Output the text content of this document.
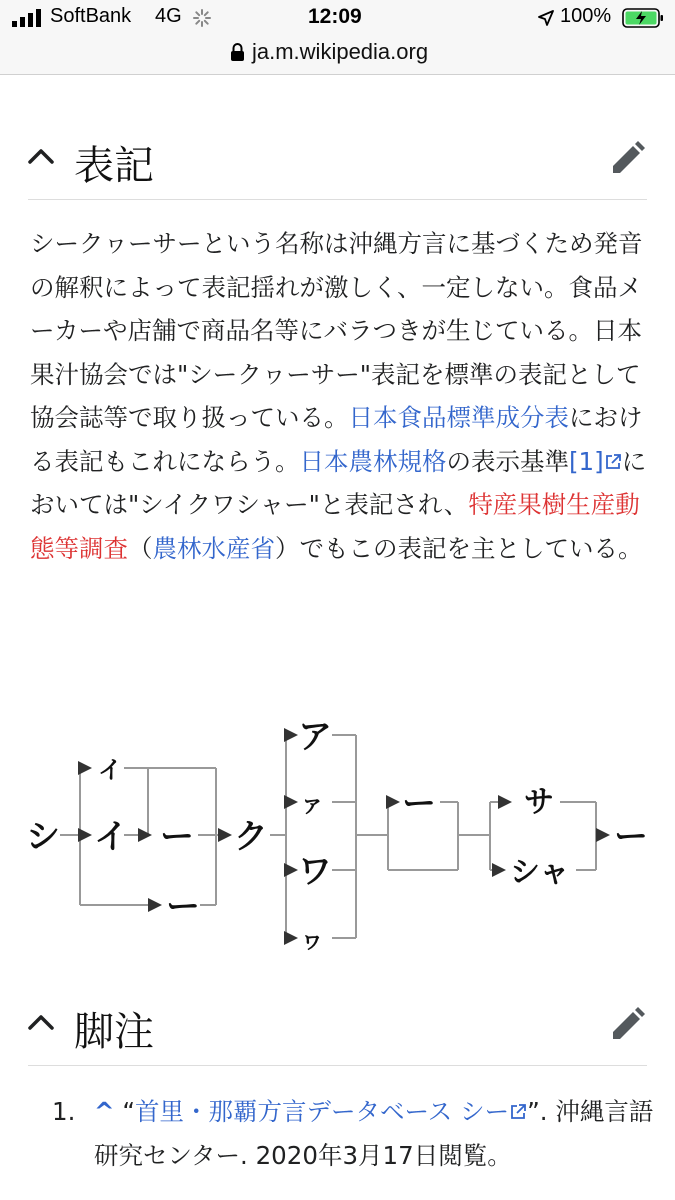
SoftBank 4G	12:09	100%
ja.m.wikipedia.org
表記
シークヮーサーという名称は沖縄方言に基づくため発音の解釈によって表記揺れが激しく、一定しない。食品メーカーや店舗で商品名等にバラつきが生じている。日本果汁協会では"シークヮーサー"表記を標準の表記として協会誌等で取り扱っている。日本食品標準成分表における表記もこれにならう。日本農林規格の表示基準[1] においては"シイクワシャー"と表記され、特産果樹生産動態等調査（農林水産省）でもこの表記を主としている。
シ
イ
イ ー
ー
ク
ア
ァ
ワ
ヮ
ー	サ
シャ
ー
脚注
1. ^ “首里・那覇方言データベース シー ”. 沖縄言語研究センター. 2020年3月17日閲覧。
